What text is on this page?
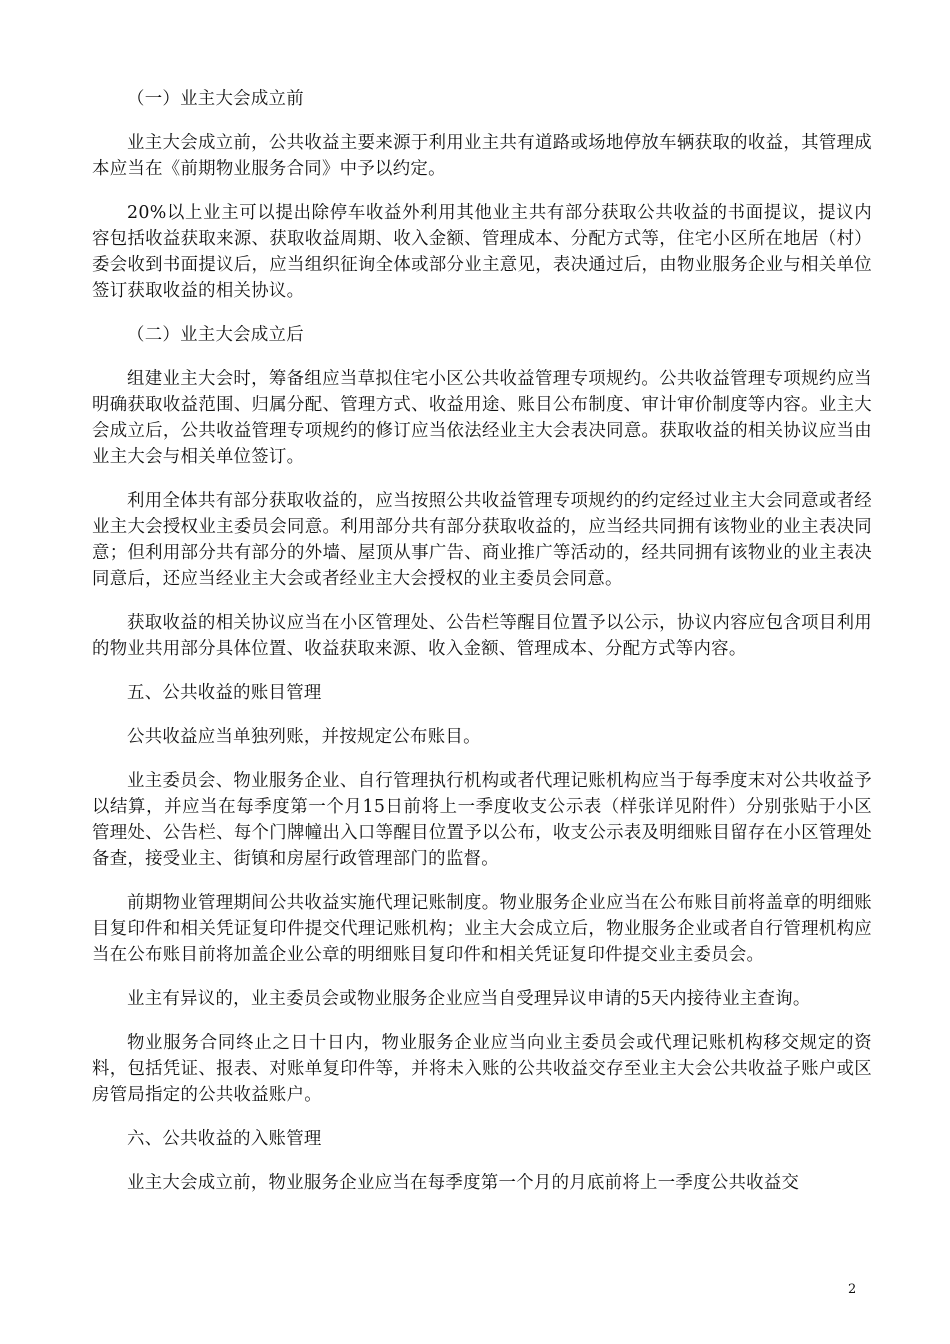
（一）业主大会成立前

业主大会成立前，公共收益主要来源于利用业主共有道路或场地停放车辆获取的收益，其管理成本应当在《前期物业服务合同》中予以约定。

20%以上业主可以提出除停车收益外利用其他业主共有部分获取公共收益的书面提议，提议内容包括收益获取来源、获取收益周期、收入金额、管理成本、分配方式等，住宅小区所在地居（村）委会收到书面提议后，应当组织征询全体或部分业主意见，表决通过后，由物业服务企业与相关单位签订获取收益的相关协议。

（二）业主大会成立后

组建业主大会时，筹备组应当草拟住宅小区公共收益管理专项规约。公共收益管理专项规约应当明确获取收益范围、归属分配、管理方式、收益用途、账目公布制度、审计审价制度等内容。业主大会成立后，公共收益管理专项规约的修订应当依法经业主大会表决同意。获取收益的相关协议应当由业主大会与相关单位签订。

利用全体共有部分获取收益的，应当按照公共收益管理专项规约的约定经过业主大会同意或者经业主大会授权业主委员会同意。利用部分共有部分获取收益的，应当经共同拥有该物业的业主表决同意；但利用部分共有部分的外墙、屋顶从事广告、商业推广等活动的，经共同拥有该物业的业主表决同意后，还应当经业主大会或者经业主大会授权的业主委员会同意。

获取收益的相关协议应当在小区管理处、公告栏等醒目位置予以公示，协议内容应包含项目利用的物业共用部分具体位置、收益获取来源、收入金额、管理成本、分配方式等内容。

五、公共收益的账目管理

公共收益应当单独列账，并按规定公布账目。

业主委员会、物业服务企业、自行管理执行机构或者代理记账机构应当于每季度末对公共收益予以结算，并应当在每季度第一个月15日前将上一季度收支公示表（样张详见附件）分别张贴于小区管理处、公告栏、每个门牌幢出入口等醒目位置予以公布，收支公示表及明细账目留存在小区管理处备查，接受业主、街镇和房屋行政管理部门的监督。

前期物业管理期间公共收益实施代理记账制度。物业服务企业应当在公布账目前将盖章的明细账目复印件和相关凭证复印件提交代理记账机构；业主大会成立后，物业服务企业或者自行管理机构应当在公布账目前将加盖企业公章的明细账目复印件和相关凭证复印件提交业主委员会。

业主有异议的，业主委员会或物业服务企业应当自受理异议申请的5天内接待业主查询。

物业服务合同终止之日十日内，物业服务企业应当向业主委员会或代理记账机构移交规定的资料，包括凭证、报表、对账单复印件等，并将未入账的公共收益交存至业主大会公共收益子账户或区房管局指定的公共收益账户。

六、公共收益的入账管理

业主大会成立前，物业服务企业应当在每季度第一个月的月底前将上一季度公共收益交

2
